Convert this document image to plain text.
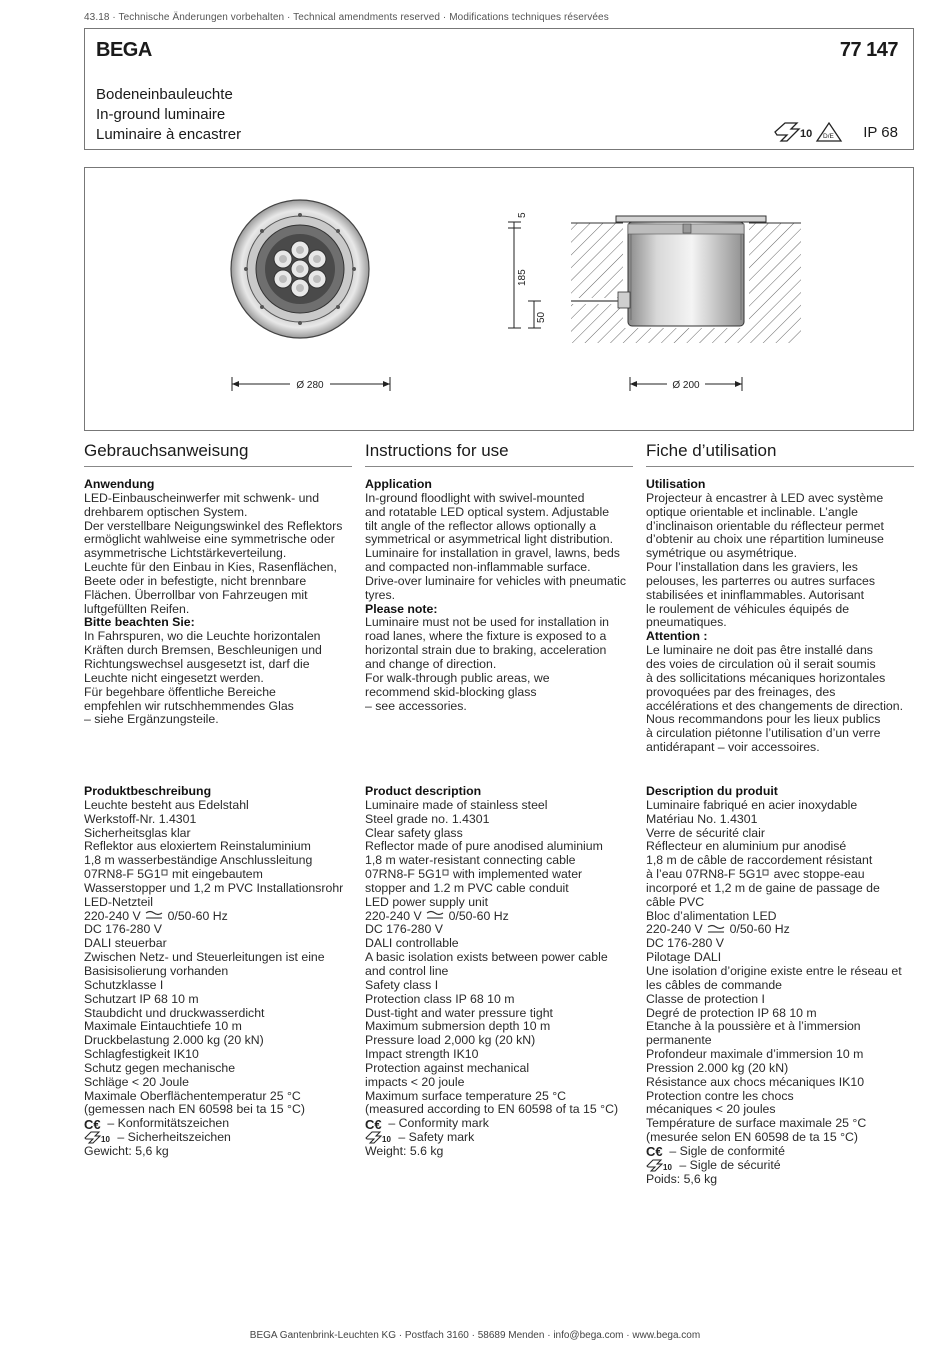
43.18 · Technische Änderungen vorbehalten · Technical amendments reserved · Modifications techniques réservées
BEGA	77 147
Bodeneinbauleuchte
In-ground luminaire
Luminaire à encastrer	10 D/E IP 68
Ø 280
5
185
50
Ø 200
Gebrauchsanweisung	Instructions for use	Fiche d’utilisation
Anwendung
LED-Einbauscheinwerfer mit schwenk- und
drehbarem optischen System.
Der verstellbare Neigungswinkel des Reflektors
ermöglicht wahlweise eine symmetrische oder
asymmetrische Lichtstärkeverteilung.
Leuchte für den Einbau in Kies, Rasenflächen,
Beete oder in befestigte, nicht brennbare
Flächen. Überrollbar von Fahrzeugen mit
luftgefüllten Reifen.
Bitte beachten Sie:
In Fahrspuren, wo die Leuchte horizontalen
Kräften durch Bremsen, Beschleunigen und
Richtungswechsel ausgesetzt ist, darf die
Leuchte nicht eingesetzt werden.
Für begehbare öffentliche Bereiche
empfehlen wir rutschhemmendes Glas
– siehe Ergänzungsteile.
Application
In-ground floodlight with swivel-mounted
and rotatable LED optical system. Adjustable
tilt angle of the reflector allows optionally a
symmetrical or asymmetrical light distribution.
Luminaire for installation in gravel, lawns, beds
and compacted non-inflammable surface.
Drive-over luminaire for vehicles with pneumatic
tyres.
Please note:
Luminaire must not be used for installation in
road lanes, where the fixture is exposed to a
horizontal strain due to braking, acceleration
and change of direction.
For walk-through public areas, we
recommend skid-blocking glass
– see accessories.
Utilisation
Projecteur à encastrer à LED avec système
optique orientable et inclinable. L’angle
d’inclinaison orientable du réflecteur permet
d’obtenir au choix une répartition lumineuse
symétrique ou asymétrique.
Pour l’installation dans les graviers, les
pelouses, les parterres ou autres surfaces
stabilisées et ininflammables. Autorisant
le roulement de véhicules équipés de
pneumatiques.
Attention :
Le luminaire ne doit pas être installé dans
des voies de circulation où il serait soumis
à des sollicitations mécaniques horizontales
provoquées par des freinages, des
accélérations et des changements de direction.
Nous recommandons pour les lieux publics
à circulation piétonne l’utilisation d’un verre
antidérapant – voir accessoires.
Produktbeschreibung
Leuchte besteht aus Edelstahl
Werkstoff-Nr. 1.4301
Sicherheitsglas klar
Reflektor aus eloxiertem Reinstaluminium
1,8 m wasserbeständige Anschlussleitung
07RN8-F 5G1 mit eingebautem
Wasserstopper und 1,2 m PVC Installationsrohr
LED-Netzteil
220-240 V  0/50-60 Hz
DC 176-280 V
DALI steuerbar
Zwischen Netz- und Steuerleitungen ist eine
Basisisolierung vorhanden
Schutzklasse I
Schutzart IP 68 10 m
Staubdicht und druckwasserdicht
Maximale Eintauchtiefe 10 m
Druckbelastung 2.000 kg (20 kN)
Schlagfestigkeit IK10
Schutz gegen mechanische
Schläge < 20 Joule
Maximale Oberflächentemperatur 25 °C
(gemessen nach EN 60598 bei ta 15 °C)
C€ – Konformitätszeichen
10 – Sicherheitszeichen
Gewicht: 5,6 kg
Product description
Luminaire made of stainless steel
Steel grade no. 1.4301
Clear safety glass
Reflector made of pure anodised aluminium
1,8 m water-resistant connecting cable
07RN8-F 5G1 with implemented water
stopper and 1.2 m PVC cable conduit
LED power supply unit
220-240 V  0/50-60 Hz
DC 176-280 V
DALI controllable
A basic isolation exists between power cable
and control line
Safety class I
Protection class IP 68 10 m
Dust-tight and water pressure tight
Maximum submersion depth 10 m
Pressure load 2,000 kg (20 kN)
Impact strength IK10
Protection against mechanical
impacts < 20 joule
Maximum surface temperature 25 °C
(measured according to EN 60598 of ta 15 °C)
C€ – Conformity mark
10 – Safety mark
Weight: 5.6 kg
Description du produit
Luminaire fabriqué en acier inoxydable
Matériau No. 1.4301
Verre de sécurité clair
Réflecteur en aluminium pur anodisé
1,8 m de câble de raccordement résistant
à l’eau 07RN8-F 5G1 avec stoppe-eau
incorporé et 1,2 m de gaine de passage de
câble PVC
Bloc d’alimentation LED
220-240 V  0/50-60 Hz
DC 176-280 V
Pilotage DALI
Une isolation d’origine existe entre le réseau et
les câbles de commande
Classe de protection I
Degré de protection IP 68 10 m
Etanche à la poussière et à l’immersion
permanente
Profondeur maximale d’immersion 10 m
Pression 2.000 kg (20 kN)
Résistance aux chocs mécaniques IK10
Protection contre les chocs
mécaniques < 20 joules
Température de surface maximale 25 °C
(mesurée selon EN 60598 de ta 15 °C)
C€ – Sigle de conformité
10 – Sigle de sécurité
Poids: 5,6 kg
BEGA Gantenbrink-Leuchten KG · Postfach 3160 · 58689 Menden · info@bega.com · www.bega.com
